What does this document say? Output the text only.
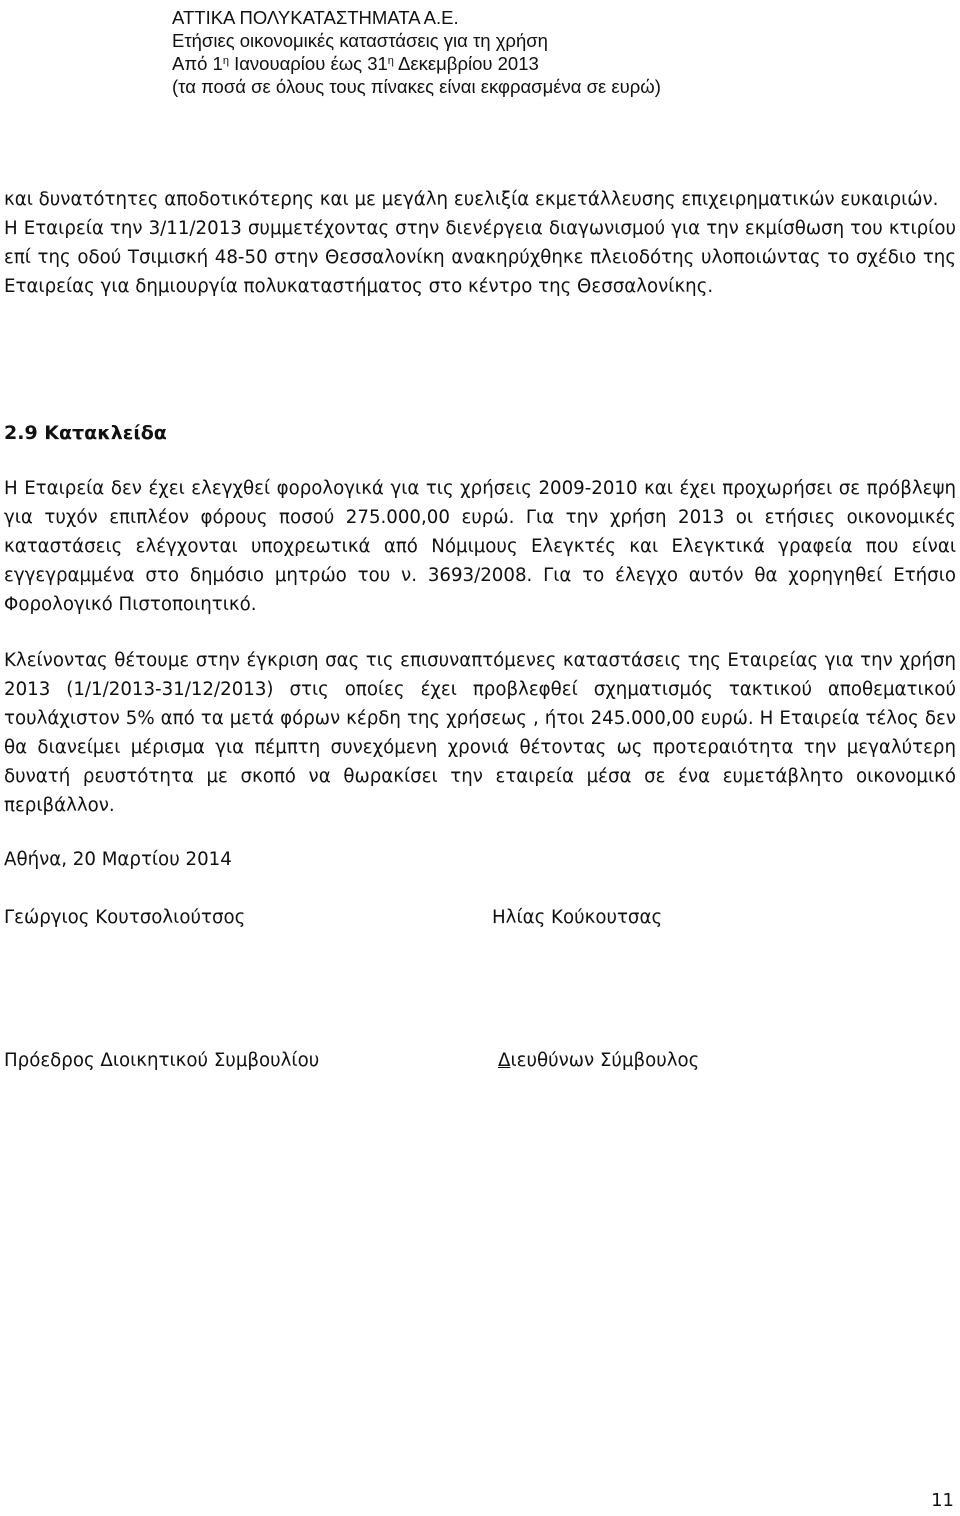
ΑΤΤΙΚΑ ΠΟΛΥΚΑΤΑΣΤΗΜΑΤΑ Α.Ε.
Ετήσιες οικονομικές καταστάσεις για τη χρήση
Από $1^\eta$ Ιανουαρίου έως $31^\eta$ Δεκεμβρίου 2013
(τα ποσά σε όλους τους πίνακες είναι εκφρασμένα σε ευρώ)

και δυνατότητες αποδοτικότερης και με μεγάλη ευελιξία εκμετάλλευσης επιχειρηματικών ευκαιριών.

Η Εταιρεία την 3/11/2013 συμμετέχοντας στην διενέργεια διαγωνισμού για την εκμίσθωση του κτιρίου επί της οδού Τσιμισκή 48-50 στην Θεσσαλονίκη ανακηρύχθηκε πλειοδότης υλοποιώντας το σχέδιο της Εταιρείας για δημιουργία πολυκαταστήματος στο κέντρο της Θεσσαλονίκης.

2.9 Κατακλείδα

Η Εταιρεία δεν έχει ελεγχθεί φορολογικά για τις χρήσεις 2009-2010 και έχει προχωρήσει σε πρόβλεψη για τυχόν επιπλέον φόρους ποσού 275.000,00 ευρώ. Για την χρήση 2013 οι ετήσιες οικονομικές καταστάσεις ελέγχονται υποχρεωτικά από Νόμιμους Ελεγκτές και Ελεγκτικά γραφεία που είναι εγγεγραμμένα στο δημόσιο μητρώο του ν. 3693/2008. Για το έλεγχο αυτόν θα χορηγηθεί Ετήσιο Φορολογικό Πιστοποιητικό.

Κλείνοντας θέτουμε στην έγκριση σας τις επισυναπτόμενες καταστάσεις της Εταιρείας για την χρήση 2013 (1/1/2013-31/12/2013) στις οποίες έχει προβλεφθεί σχηματισμός τακτικού αποθεματικού τουλάχιστον 5% από τα μετά φόρων κέρδη της χρήσεως , ήτοι 245.000,00 ευρώ. Η Εταιρεία τέλος δεν θα διανείμει μέρισμα για πέμπτη συνεχόμενη χρονιά θέτοντας ως προτεραιότητα την μεγαλύτερη δυνατή ρευστότητα με σκοπό να θωρακίσει την εταιρεία μέσα σε ένα ευμετάβλητο οικονομικό περιβάλλον.

Αθήνα, 20 Μαρτίου 2014
Γεώργιος Κουτσολιούτσος	Ηλίας Κούκουτσας
Πρόεδρος Διοικητικού Συμβουλίου	Διευθύνων Σύμβουλος
11
